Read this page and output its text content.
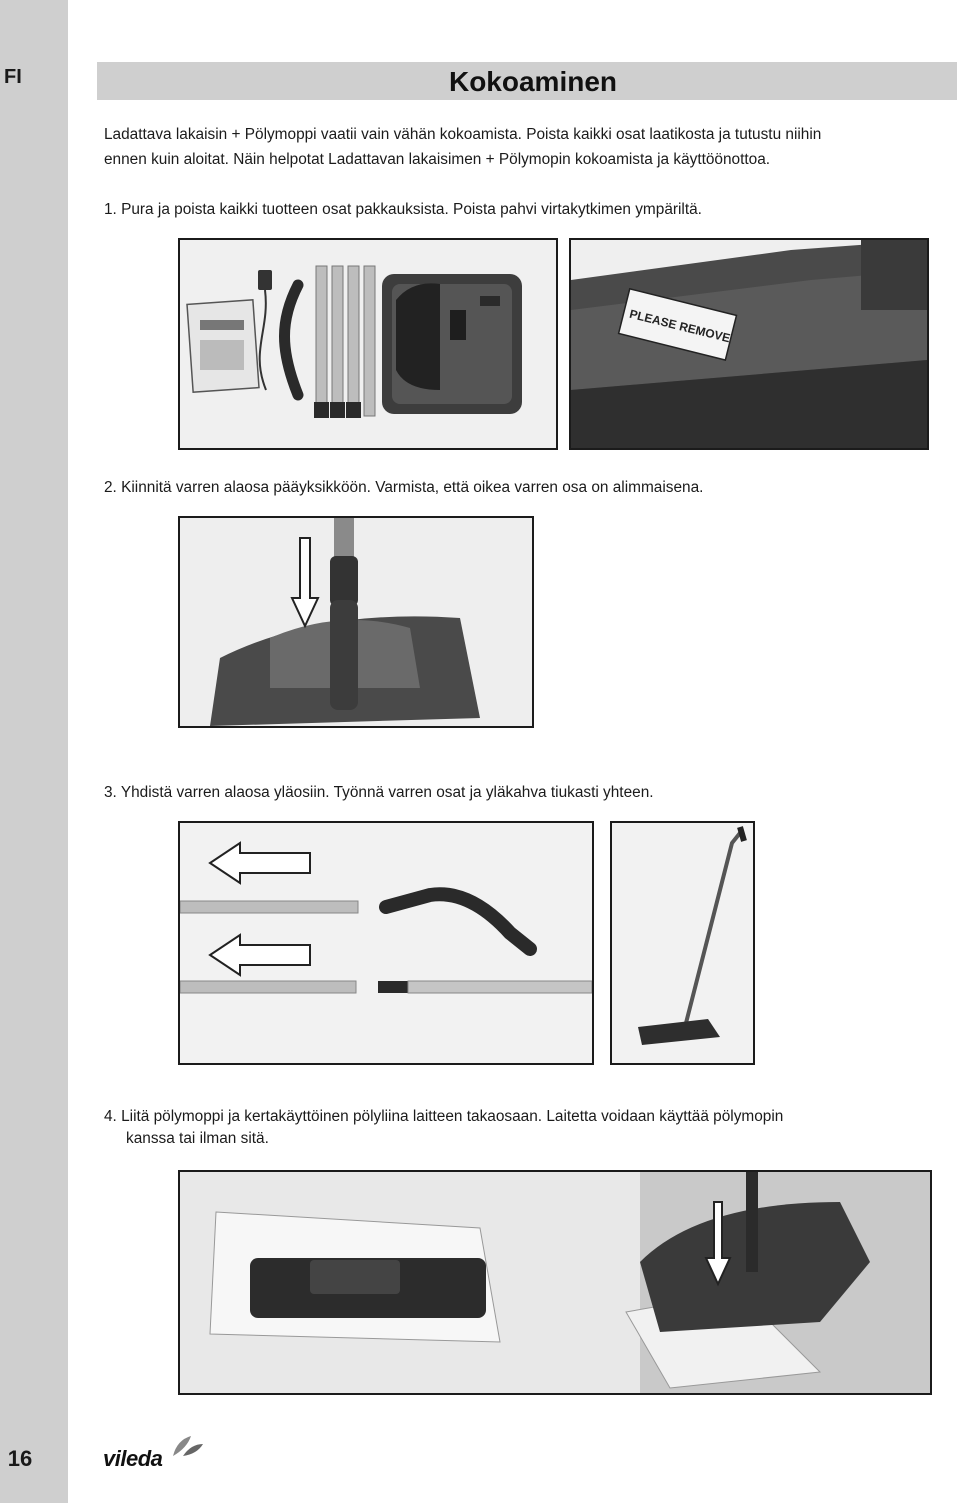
FI
16
Kokoaminen
Ladattava lakaisin + Pölymoppi vaatii vain vähän kokoamista. Poista kaikki osat laatikosta ja tutustu niihin
ennen kuin aloitat. Näin helpotat Ladattavan lakaisimen + Pölymopin kokoamista ja käyttöönottoa.
1. Pura ja poista kaikki tuotteen osat pakkauksista. Poista pahvi virtakytkimen ympäriltä.
PLEASE REMOVE
2. Kiinnitä varren alaosa pääyksikköön. Varmista, että oikea varren osa on alimmaisena.
3. Yhdistä varren alaosa yläosiin. Työnnä varren osat ja yläkahva tiukasti yhteen.
4. Liitä pölymoppi ja kertakäyttöinen pölyliina laitteen takaosaan. Laitetta voidaan käyttää pölymopin
kanssa tai ilman sitä.
vileda
